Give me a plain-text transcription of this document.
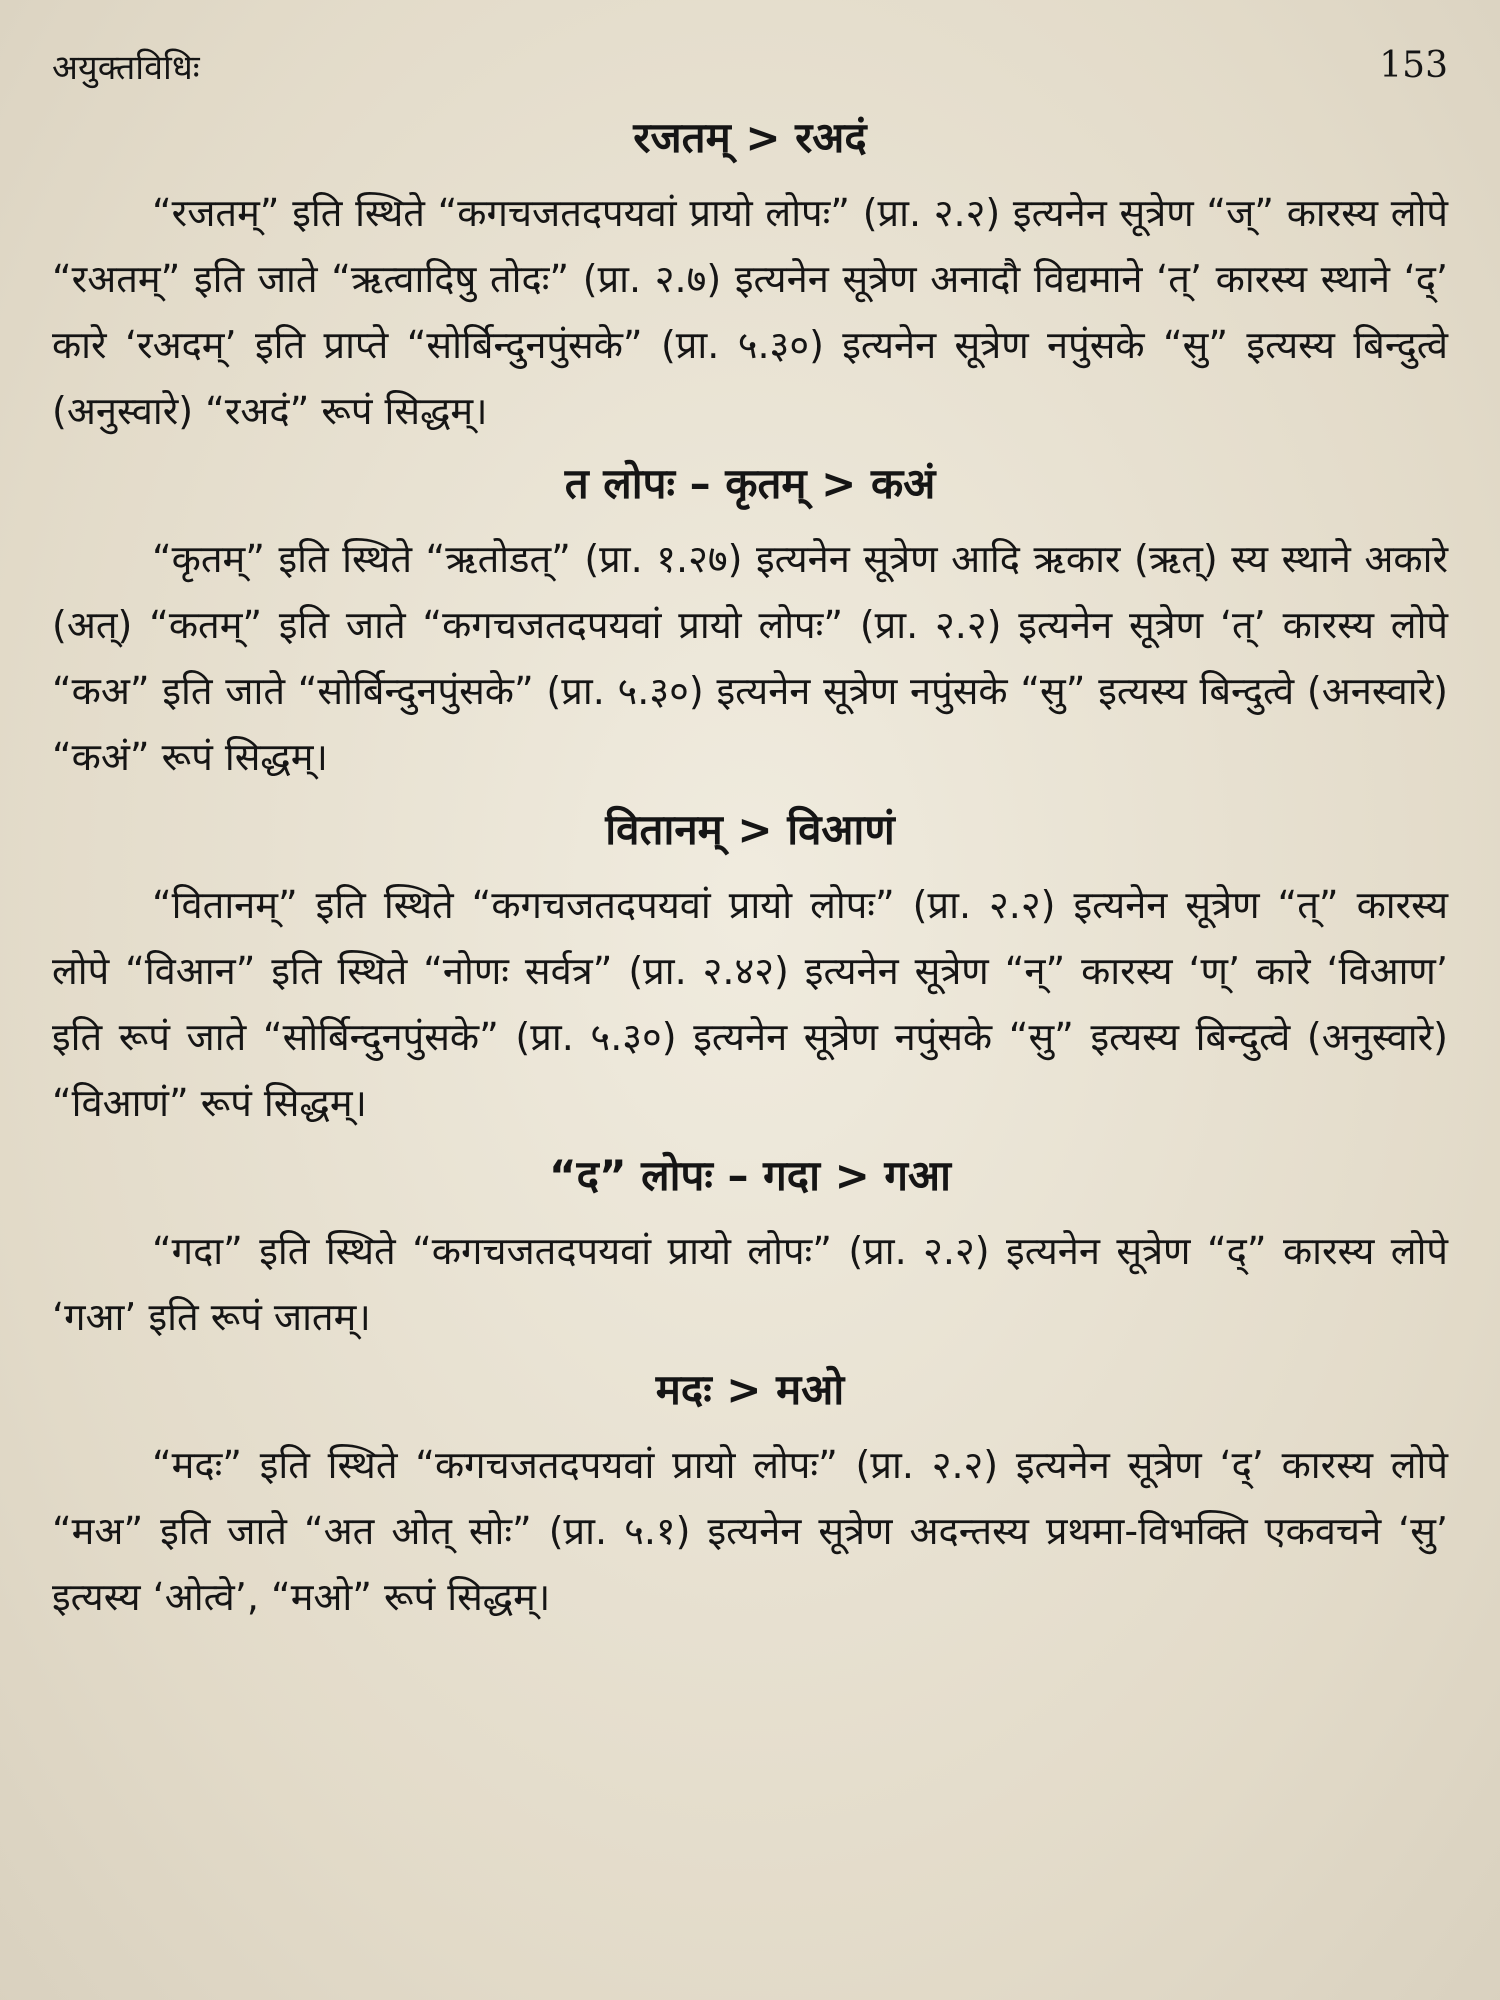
अयुक्तविधिः	153
रजतम् > रअदं

“रजतम्” इति स्थिते “कगचजतदपयवां प्रायो लोपः” (प्रा. २.२) इत्यनेन सूत्रेण “ज्” कारस्य लोपे “रअतम्” इति जाते “ऋत्वादिषु तोदः” (प्रा. २.७) इत्यनेन सूत्रेण अनादौ विद्यमाने ‘त्’ कारस्य स्थाने ‘द्’ कारे ‘रअदम्’ इति प्राप्ते “सोर्बिन्दुनपुंसके” (प्रा. ५.३०) इत्यनेन सूत्रेण नपुंसके “सु” इत्यस्य बिन्दुत्वे (अनुस्वारे) “रअदं” रूपं सिद्धम्।

त लोपः – कृतम् > कअं

“कृतम्” इति स्थिते “ऋतोडत्” (प्रा. १.२७) इत्यनेन सूत्रेण आदि ऋकार (ऋत्) स्य स्थाने अकारे (अत्) “कतम्” इति जाते “कगचजतदपयवां प्रायो लोपः” (प्रा. २.२) इत्यनेन सूत्रेण ‘त्’ कारस्य लोपे “कअ” इति जाते “सोर्बिन्दुनपुंसके” (प्रा. ५.३०) इत्यनेन सूत्रेण नपुंसके “सु” इत्यस्य बिन्दुत्वे (अनस्वारे) “कअं” रूपं सिद्धम्।

वितानम् > विआणं

“वितानम्” इति स्थिते “कगचजतदपयवां प्रायो लोपः” (प्रा. २.२) इत्यनेन सूत्रेण “त्” कारस्य लोपे “विआन” इति स्थिते “नोणः सर्वत्र” (प्रा. २.४२) इत्यनेन सूत्रेण “न्” कारस्य ‘ण्’ कारे ‘विआण’ इति रूपं जाते “सोर्बिन्दुनपुंसके” (प्रा. ५.३०) इत्यनेन सूत्रेण नपुंसके “सु” इत्यस्य बिन्दुत्वे (अनुस्वारे) “विआणं” रूपं सिद्धम्।

“द” लोपः – गदा > गआ

“गदा” इति स्थिते “कगचजतदपयवां प्रायो लोपः” (प्रा. २.२) इत्यनेन सूत्रेण “द्” कारस्य लोपे ‘गआ’ इति रूपं जातम्।

मदः > मओ

“मदः” इति स्थिते “कगचजतदपयवां प्रायो लोपः” (प्रा. २.२) इत्यनेन सूत्रेण ‘द्’ कारस्य लोपे “मअ” इति जाते “अत ओत् सोः” (प्रा. ५.१) इत्यनेन सूत्रेण अदन्तस्य प्रथमा-विभक्ति एकवचने ‘सु’ इत्यस्य ‘ओत्वे’, “मओ” रूपं सिद्धम्।
